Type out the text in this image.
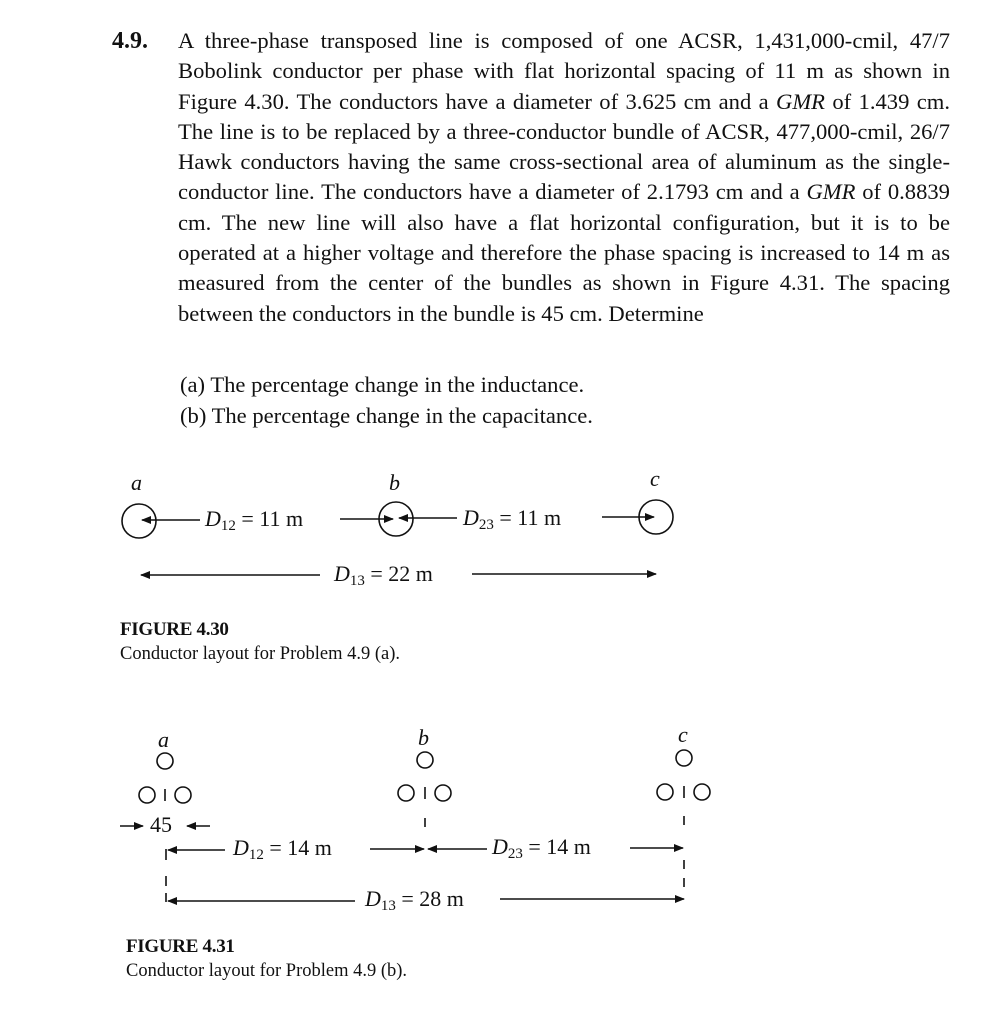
4.9. A three-phase transposed line is composed of one ACSR, 1,431,000-cmil, 47/7 Bobolink conductor per phase with flat horizontal spacing of 11 m as shown in Figure 4.30. The conductors have a diameter of 3.625 cm and a GMR of 1.439 cm. The line is to be replaced by a three-conductor bundle of ACSR, 477,000-cmil, 26/7 Hawk conductors having the same cross-sectional area of aluminum as the single-conductor line. The conductors have a diameter of 2.1793 cm and a GMR of 0.8839 cm. The new line will also have a flat horizontal configuration, but it is to be operated at a higher voltage and therefore the phase spacing is increased to 14 m as measured from the center of the bundles as shown in Figure 4.31. The spacing between the conductors in the bundle is 45 cm. Determine
(a) The percentage change in the inductance.
(b) The percentage change in the capacitance.
a	b	c
$D_{12} = 11$ m	$D_{23} = 11$ m
$D_{13} = 22$ m
FIGURE 4.30
Conductor layout for Problem 4.9 (a).
a	b	c
45
$D_{12} = 14$ m	$D_{23} = 14$ m
$D_{13} = 28$ m
FIGURE 4.31
Conductor layout for Problem 4.9 (b).
